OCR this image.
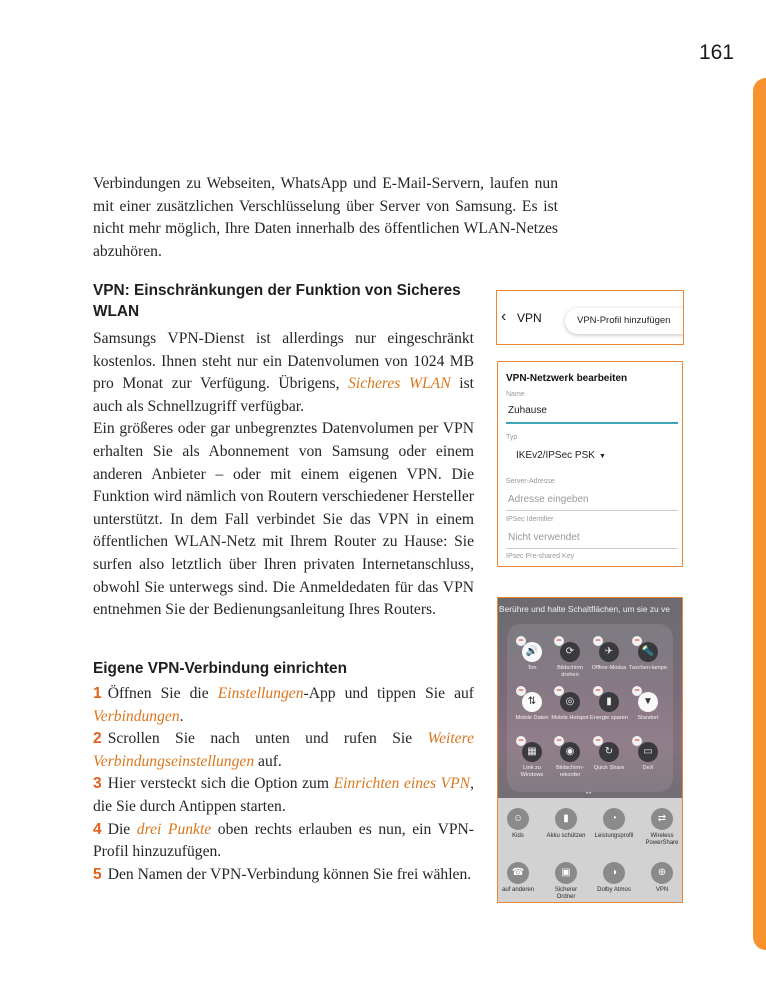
161

Verbindungen zu Webseiten, WhatsApp und E-Mail-Servern, laufen nun mit einer zusätzlichen Verschlüsselung über Server von Samsung. Es ist nicht mehr möglich, Ihre Daten innerhalb des öffentlichen WLAN-Netzes abzuhören.

VPN: Einschränkungen der Funktion von Sicheres WLAN

Samsungs VPN-Dienst ist allerdings nur eingeschränkt kostenlos. Ihnen steht nur ein Datenvolumen von 1024 MB pro Monat zur Verfügung. Übrigens, Sicheres WLAN ist auch als Schnellzugriff verfügbar.

Ein größeres oder gar unbegrenztes Datenvolumen per VPN erhalten Sie als Abonnement von Samsung oder einem anderen Anbieter – oder mit einem eigenen VPN. Die Funktion wird nämlich von Routern verschiedener Hersteller unterstützt. In dem Fall verbindet Sie das VPN in einem öffentlichen WLAN-Netz mit Ihrem Router zu Hause: Sie surfen also letztlich über Ihren privaten Internetanschluss, obwohl Sie unterwegs sind. Die Anmeldedaten für das VPN entnehmen Sie der Bedienungsanleitung Ihres Routers.

Eigene VPN-Verbindung einrichten

1 Öffnen Sie die Einstellungen-App und tippen Sie auf Verbindungen.

2 Scrollen Sie nach unten und rufen Sie Weitere Verbindungseinstellungen auf.

3 Hier versteckt sich die Option zum Einrichten eines VPN, die Sie durch Antippen starten.

4 Die drei Punkte oben rechts erlauben es nun, ein VPN-Profil hinzuzufügen.

5 Den Namen der VPN-Verbindung können Sie frei wählen.

‹ VPN	VPN-Profil hinzufügen
VPN-Netzwerk bearbeiten
Name
Zuhause
Typ
IKEv2/IPSec PSK ▼
Server-Adresse
Adresse eingeben
IPSec Identifier
Nicht verwendet
IPsec Pre-shared Key
Berühre und halte Schaltflächen, um sie zu ve
🔊
−
Ton
⟳
−
Bildschirm drehen
✈
−
Offline-Modus
🔦
−
Taschen-lampe
⇅
−
Mobile Daten
◎
−
Mobile Hotspot
▮
−
Energie sparen
▼
−
Standort
▦
−
Link zu Windows
◉
−
Bildschirm-rekorder
↻
−
Quick Share
▭
−
DeX
••
☺
Kids
▮
Akku schützen
◔
Leistungsprofil
⇄
Wireless PowerShare
☎
auf anderen
▣
Sicherer Ordner
◑
Dolby Atmos
⊕
VPN
